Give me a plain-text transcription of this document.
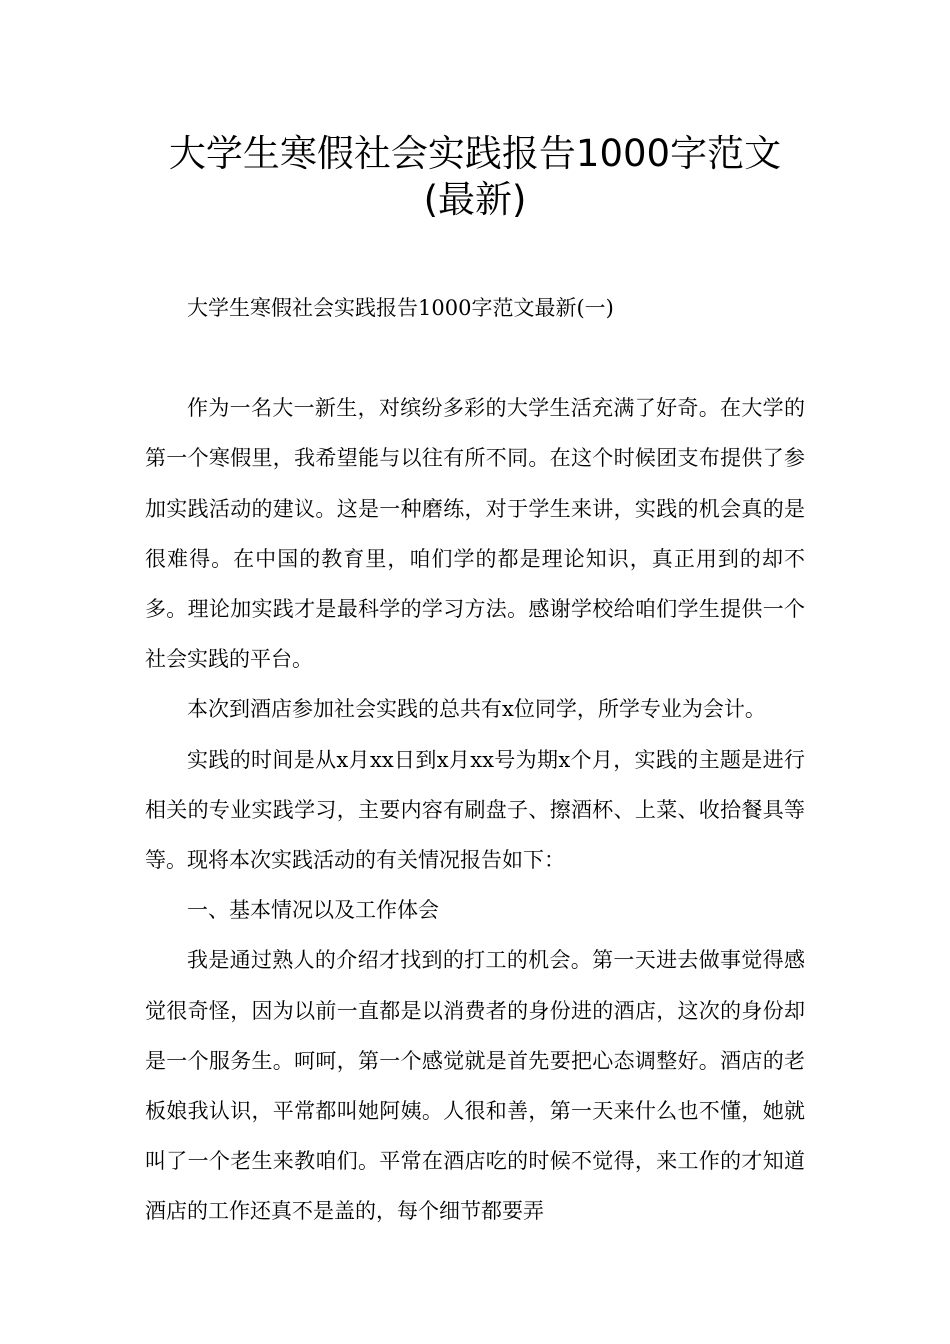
大学生寒假社会实践报告1000字范文
(最新)

大学生寒假社会实践报告1000字范文最新(一)

作为一名大一新生，对缤纷多彩的大学生活充满了好奇。在大学的第一个寒假里，我希望能与以往有所不同。在这个时候团支布提供了参加实践活动的建议。这是一种磨练，对于学生来讲，实践的机会真的是很难得。在中国的教育里，咱们学的都是理论知识，真正用到的却不多。理论加实践才是最科学的学习方法。感谢学校给咱们学生提供一个社会实践的平台。

本次到酒店参加社会实践的总共有x位同学，所学专业为会计。

实践的时间是从x月xx日到x月xx号为期x个月，实践的主题是进行相关的专业实践学习，主要内容有刷盘子、擦酒杯、上菜、收拾餐具等等。现将本次实践活动的有关情况报告如下：

一、基本情况以及工作体会

我是通过熟人的介绍才找到的打工的机会。第一天进去做事觉得感觉很奇怪，因为以前一直都是以消费者的身份进的酒店，这次的身份却是一个服务生。呵呵，第一个感觉就是首先要把心态调整好。酒店的老板娘我认识，平常都叫她阿姨。人很和善，第一天来什么也不懂，她就叫了一个老生来教咱们。平常在酒店吃的时候不觉得，来工作的才知道酒店的工作还真不是盖的，每个细节都要弄
